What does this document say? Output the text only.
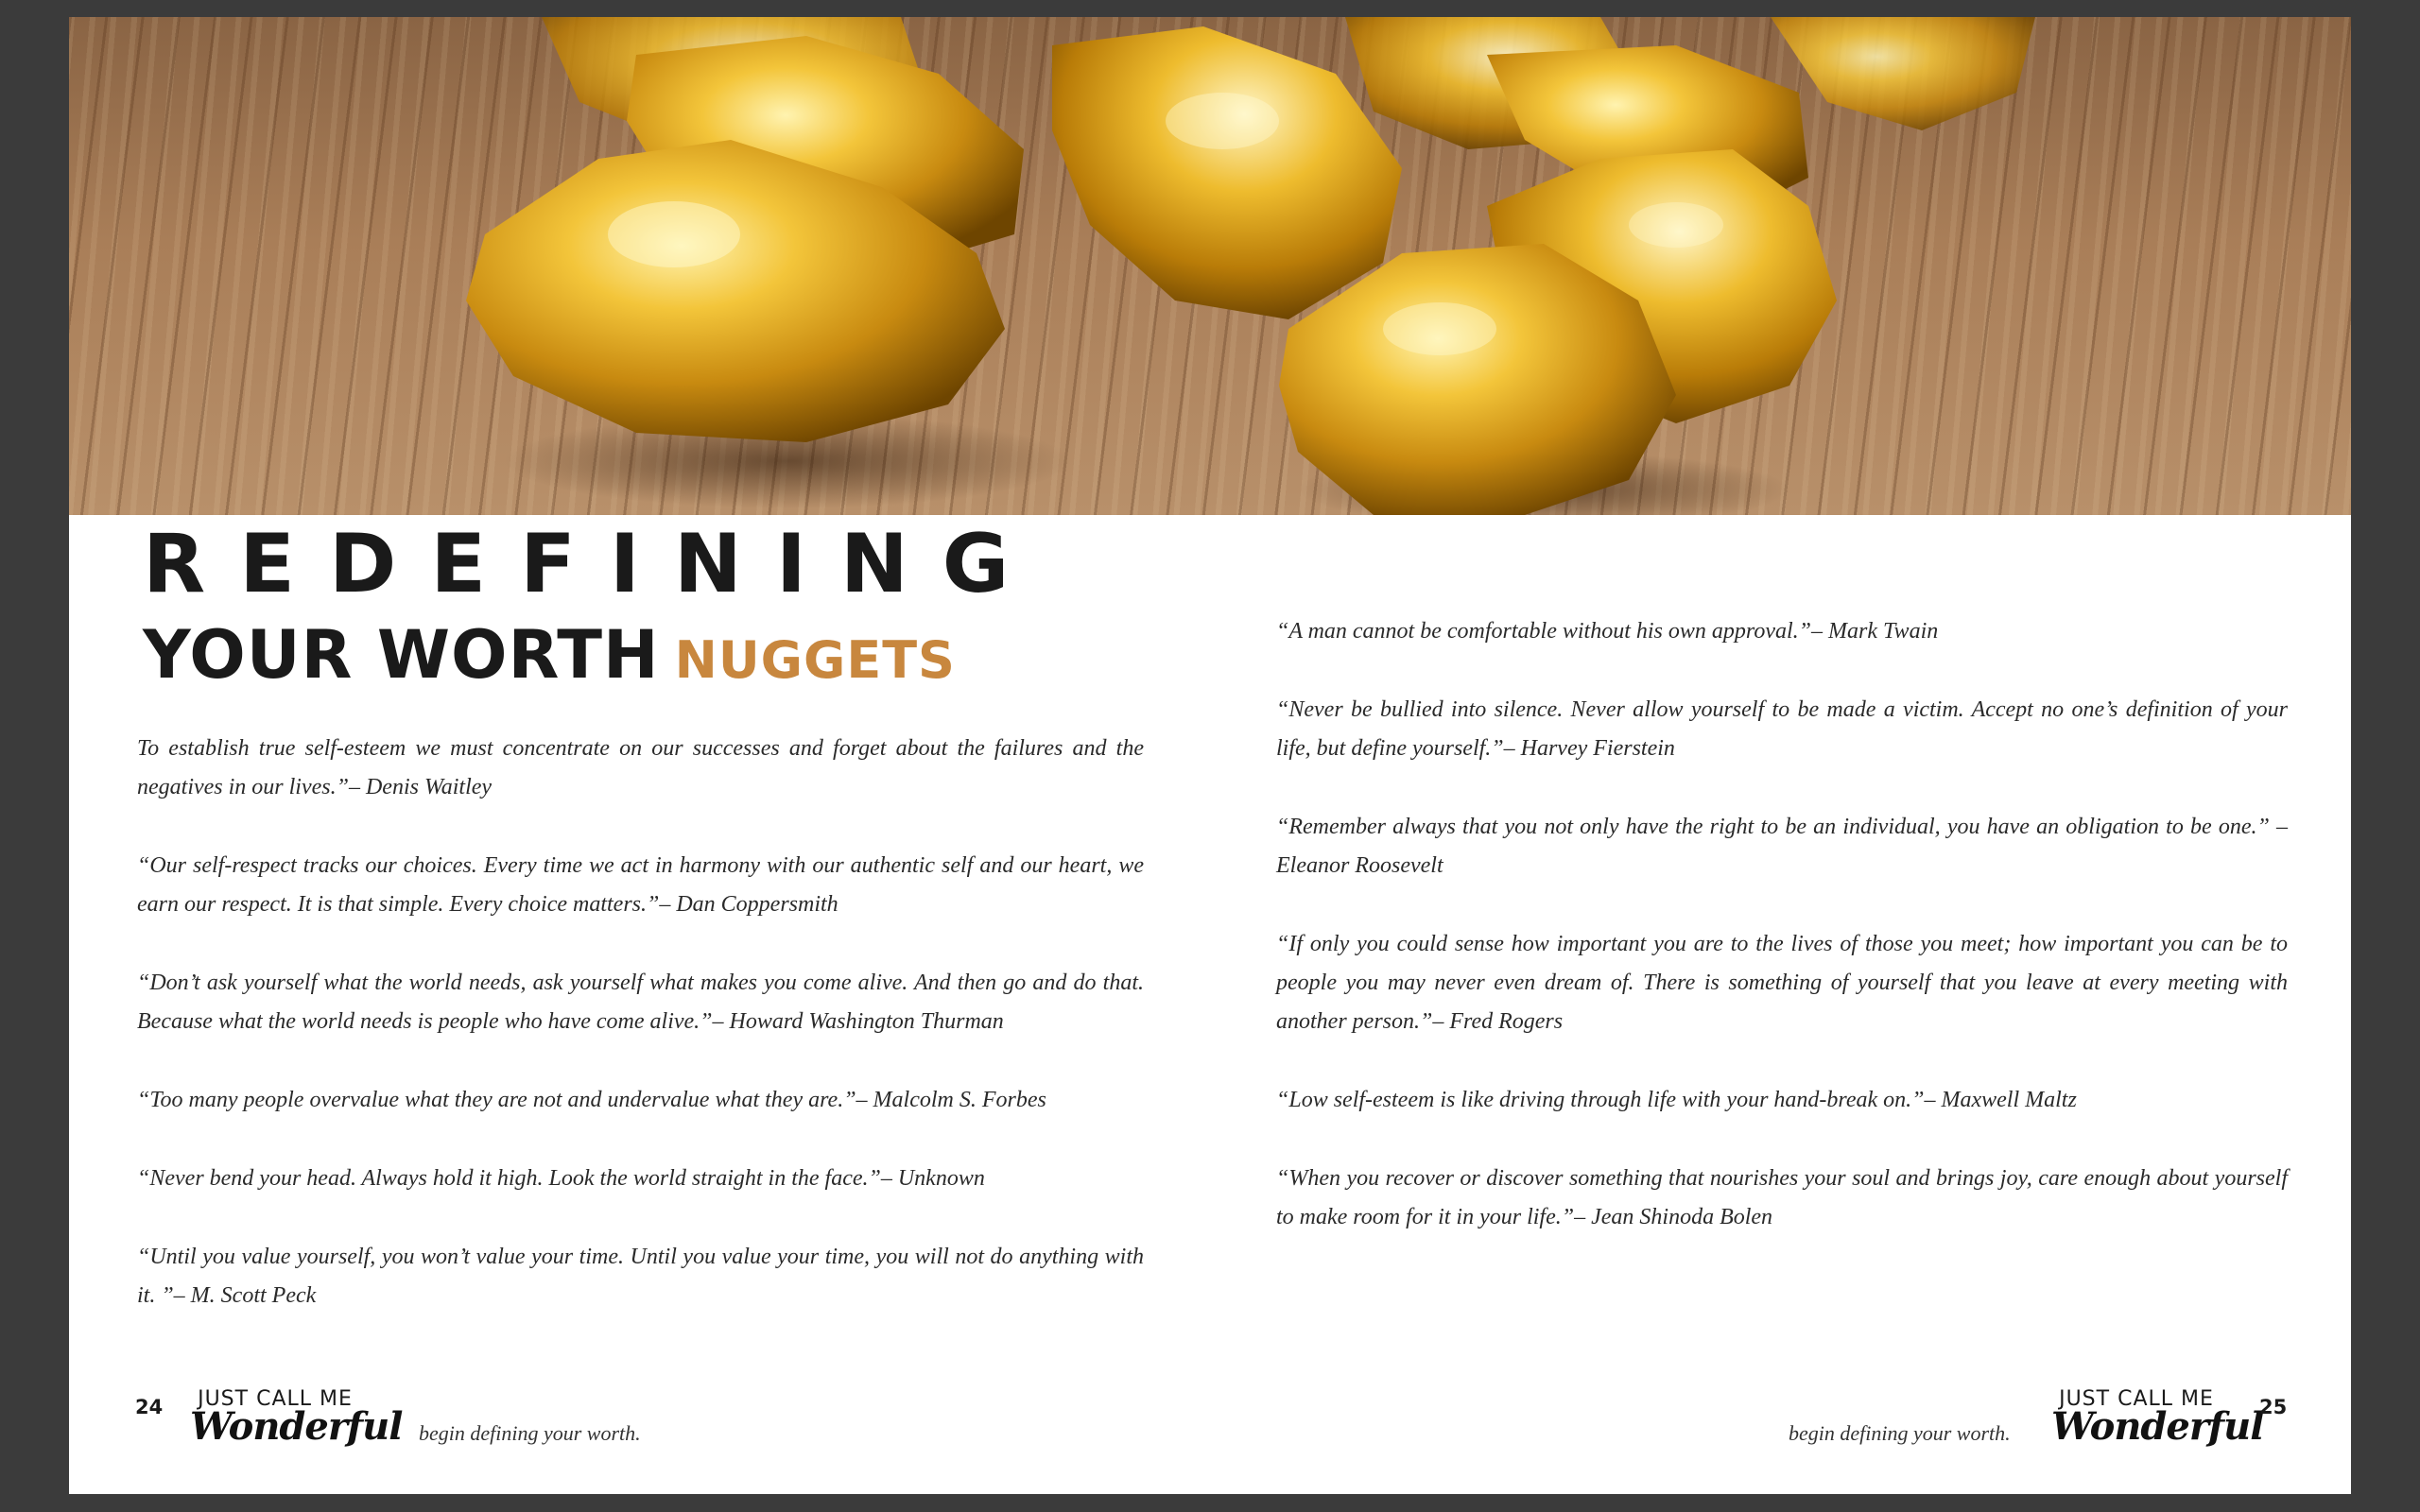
REDEFINING
YOUR WORTH NUGGETS

To establish true self-esteem we must concentrate on our successes and forget about the failures and the negatives in our lives.”– Denis Waitley

“Our self-respect tracks our choices. Every time we act in harmony with our authentic self and our heart, we earn our respect. It is that simple. Every choice matters.”– Dan Coppersmith

“Don’t ask yourself what the world needs, ask yourself what makes you come alive. And then go and do that. Because what the world needs is people who have come alive.”– Howard Washington Thurman

“Too many people overvalue what they are not and undervalue what they are.”– Malcolm S. Forbes

“Never bend your head. Always hold it high. Look the world straight in the face.”– Unknown

“Until you value yourself, you won’t value your time. Until you value your time, you will not do anything with it. ”– M. Scott Peck

“A man cannot be comfortable without his own approval.”– Mark Twain

“Never be bullied into silence. Never allow yourself to be made a victim. Accept no one’s definition of your life, but define yourself.”– Harvey Fierstein

“Remember always that you not only have the right to be an individual, you have an obligation to be one.” – Eleanor Roosevelt

“If only you could sense how important you are to the lives of those you meet; how important you can be to people you may never even dream of. There is something of yourself that you leave at every meeting with another person.”– Fred Rogers

“Low self-esteem is like driving through life with your hand-break on.”– Maxwell Maltz

“When you recover or discover something that nourishes your soul and brings joy, care enough about yourself to make room for it in your life.”– Jean Shinoda Bolen

24	JUST CALL ME
Wonderful begin defining your worth.	begin defining your worth.
JUST CALL ME
Wonderful
25
